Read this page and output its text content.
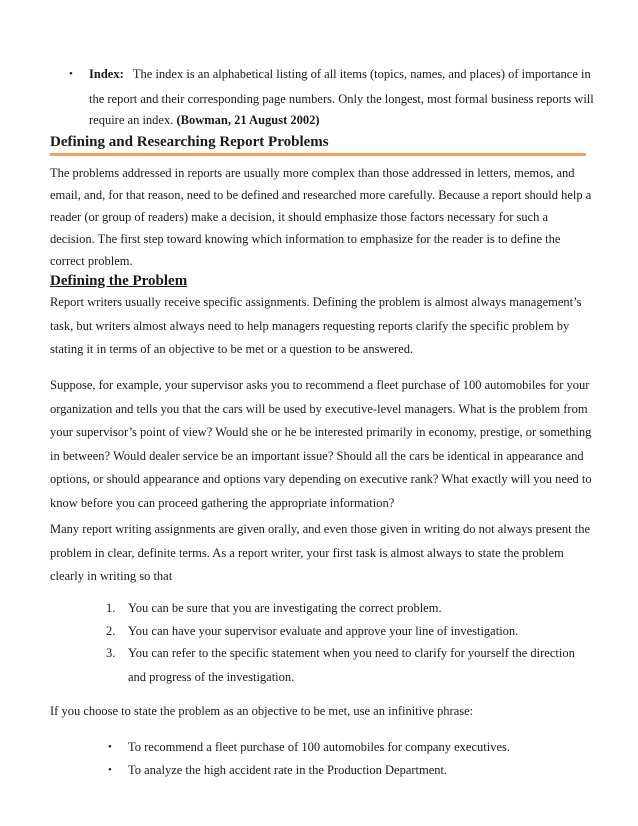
• Index: The index is an alphabetical listing of all items (topics, names, and places) of importance in

the report and their corresponding page numbers. Only the longest, most formal business reports will

require an index. (Bowman, 21 August 2002)

Defining and Researching Report Problems

The problems addressed in reports are usually more complex than those addressed in letters, memos, and

email, and, for that reason, need to be defined and researched more carefully. Because a report should help a

reader (or group of readers) make a decision, it should emphasize those factors necessary for such a

decision. The first step toward knowing which information to emphasize for the reader is to define the

correct problem.

Defining the Problem

Report writers usually receive specific assignments. Defining the problem is almost always management’s

task, but writers almost always need to help managers requesting reports clarify the specific problem by

stating it in terms of an objective to be met or a question to be answered.

Suppose, for example, your supervisor asks you to recommend a fleet purchase of 100 automobiles for your

organization and tells you that the cars will be used by executive-level managers. What is the problem from

your supervisor’s point of view? Would she or he be interested primarily in economy, prestige, or something

in between? Would dealer service be an important issue? Should all the cars be identical in appearance and

options, or should appearance and options vary depending on executive rank? What exactly will you need to

know before you can proceed gathering the appropriate information?

Many report writing assignments are given orally, and even those given in writing do not always present the

problem in clear, definite terms. As a report writer, your first task is almost always to state the problem

clearly in writing so that

1. You can be sure that you are investigating the correct problem.
2. You can have your supervisor evaluate and approve your line of investigation.
3. You can refer to the specific statement when you need to clarify for yourself the direction
and progress of the investigation.

If you choose to state the problem as an objective to be met, use an infinitive phrase:

• To recommend a fleet purchase of 100 automobiles for company executives.
• To analyze the high accident rate in the Production Department.
